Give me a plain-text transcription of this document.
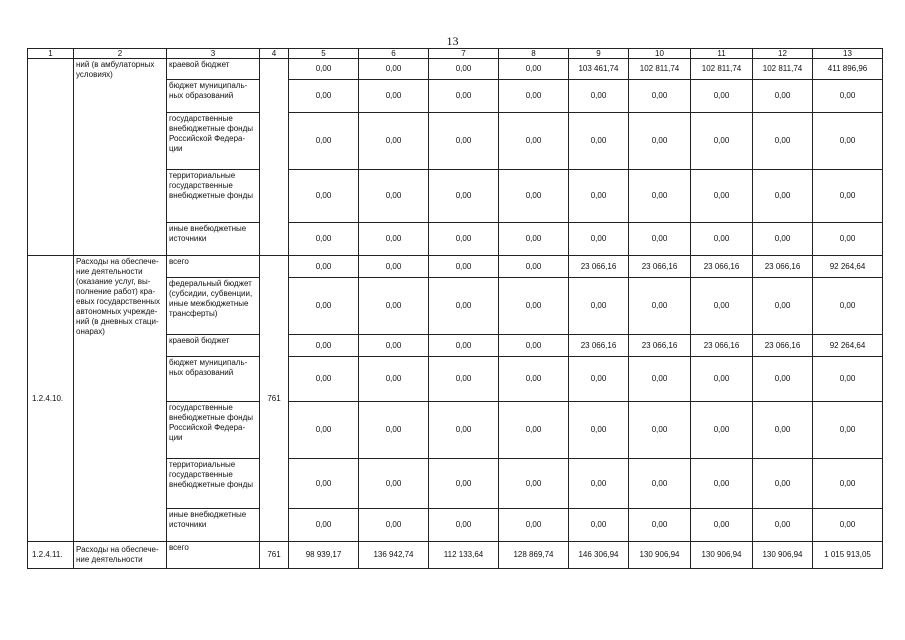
13
1	2	3	4	5	6	7	8	9	10	11	12	13
	ний (в амбулаторных условиях)	краевой бюджет		0,00	0,00	0,00	0,00	103 461,74	102 811,74	102 811,74	102 811,74	411 896,96
		бюджет муниципаль-ных образований		0,00	0,00	0,00	0,00	0,00	0,00	0,00	0,00	0,00
		государственные внебюджетные фонды Российской Федера-ции		0,00	0,00	0,00	0,00	0,00	0,00	0,00	0,00	0,00
		территориальные государственные внебюджетные фонды		0,00	0,00	0,00	0,00	0,00	0,00	0,00	0,00	0,00
		иные внебюджетные источники		0,00	0,00	0,00	0,00	0,00	0,00	0,00	0,00	0,00
1.2.4.10.	Расходы на обеспече-ние деятельности (оказание услуг, вы-полнение работ) кра-евых государственных автономных учрежде-ний (в дневных стаци-онарах)	всего	761	0,00	0,00	0,00	0,00	23 066,16	23 066,16	23 066,16	23 066,16	92 264,64
		федеральный бюджет (субсидии, субвенции, иные межбюджетные трансферты)		0,00	0,00	0,00	0,00	0,00	0,00	0,00	0,00	0,00
		краевой бюджет		0,00	0,00	0,00	0,00	23 066,16	23 066,16	23 066,16	23 066,16	92 264,64
		бюджет муниципаль-ных образований		0,00	0,00	0,00	0,00	0,00	0,00	0,00	0,00	0,00
		государственные внебюджетные фонды Российской Федера-ции		0,00	0,00	0,00	0,00	0,00	0,00	0,00	0,00	0,00
		территориальные государственные внебюджетные фонды		0,00	0,00	0,00	0,00	0,00	0,00	0,00	0,00	0,00
		иные внебюджетные источники		0,00	0,00	0,00	0,00	0,00	0,00	0,00	0,00	0,00
1.2.4.11.	Расходы на обеспече-ние деятельности	всего	761	98 939,17	136 942,74	112 133,64	128 869,74	146 306,94	130 906,94	130 906,94	130 906,94	1 015 913,05
